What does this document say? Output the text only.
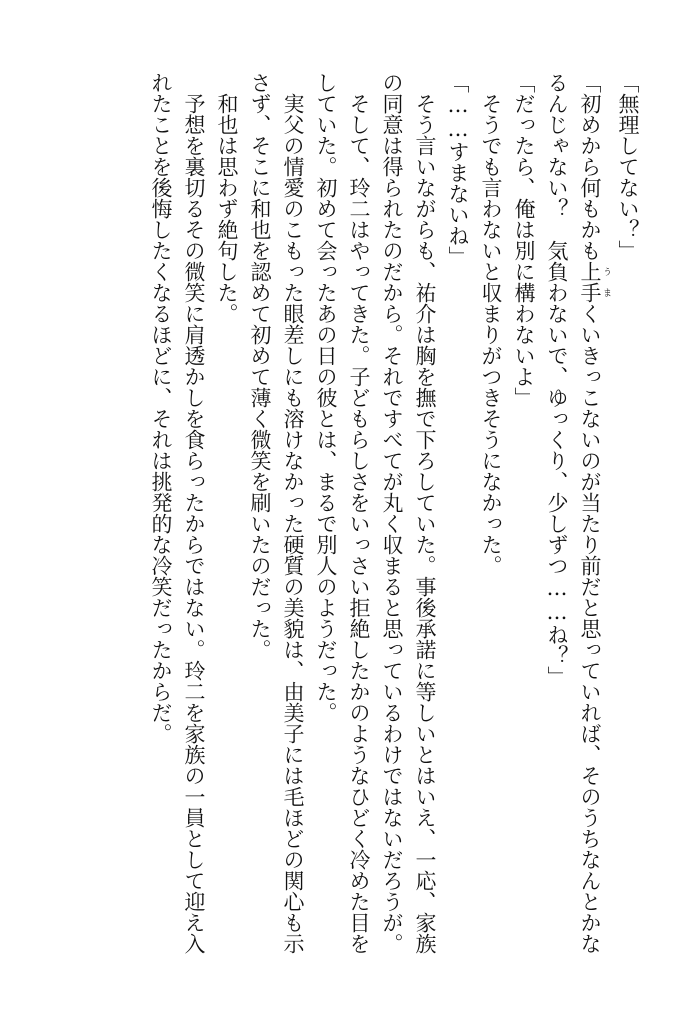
「無理してない？」
「初めから何もかも上手 うまくいきっこないのが当たり前だと思っていれば、そのうちなんとかな
るんじゃない？　気負わないで、ゆっくり、少しずつ……ね？」
「だったら、俺は別に構わないよ」
そうでも言わないと収まりがつきそうになかった。
「……すまないね」
そう言いながらも、祐介は胸を撫で下ろしていた。事後承諾に等しいとはいえ、一応、家族
の同意は得られたのだから。それですべてが丸く収まると思っているわけではないだろうが。
そして、玲二はやってきた。子どもらしさをいっさい拒絶したかのようなひどく冷めた目を
していた。初めて会ったあの日の彼とは、まるで別人のようだった。
実父の情愛のこもった眼差しにも溶けなかった硬質の美貌は、由美子には毛ほどの関心も示
さず、そこに和也を認めて初めて薄く微笑を刷いたのだった。
和也は思わず絶句した。
予想を裏切るその微笑に肩透かしを食らったからではない。玲二を家族の一員として迎え入
れたことを後悔したくなるほどに、それは挑発的な冷笑だったからだ。
